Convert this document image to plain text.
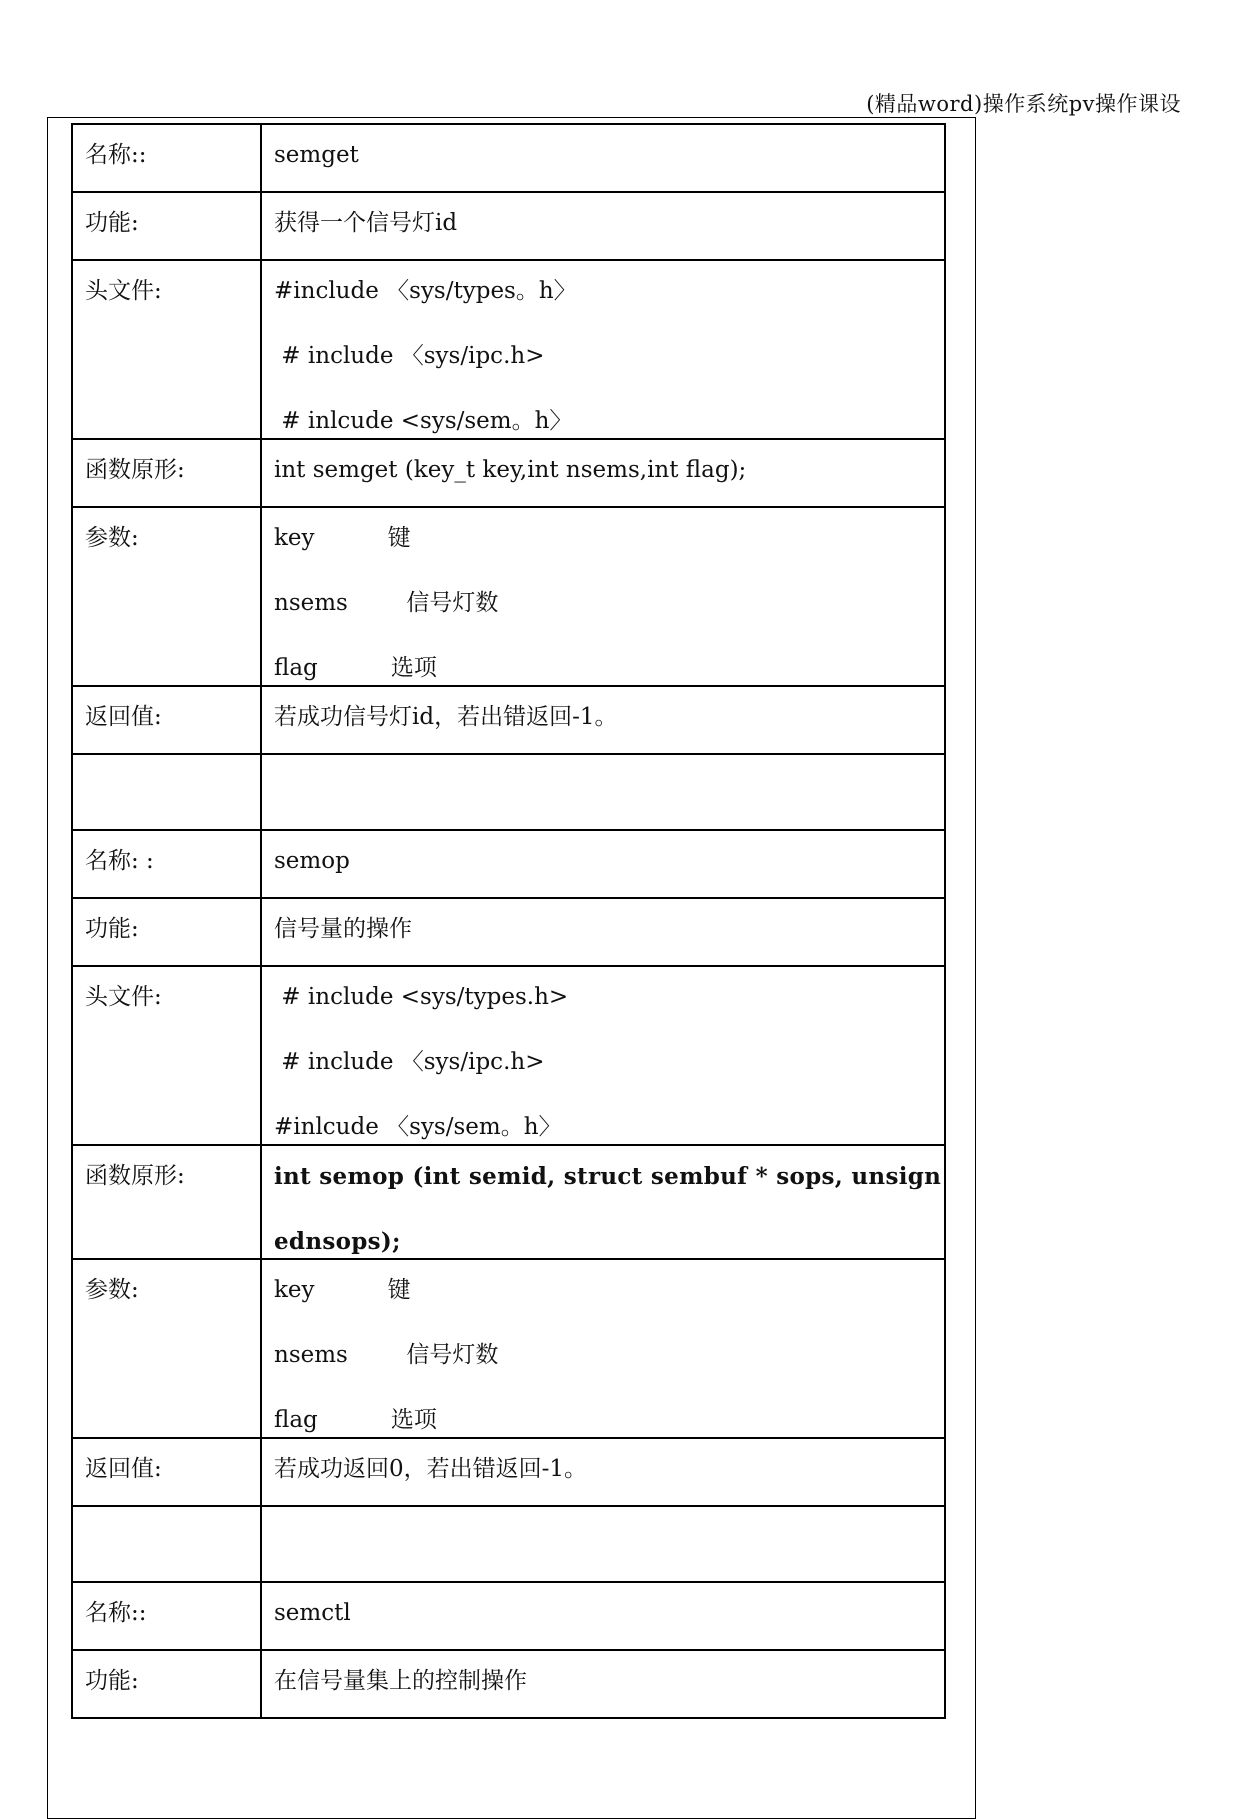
(精品word)操作系统pv操作课设
名称::	semget
功能:	获得一个信号灯id
头文件:	#include 〈sys/types。h〉
# include 〈sys/ipc.h>
# inlcude <sys/sem。h〉

函数原形:	int semget (key_t key,int nsems,int flag);

参数:	key          键
nsems        信号灯数
flag          选项

返回值:	若成功信号灯id，若出错返回-1。

名称: :	semop
功能:	信号量的操作
头文件:	# include <sys/types.h>
# include 〈sys/ipc.h>
#inlcude 〈sys/sem。h〉

函数原形:	int semop (int semid, struct sembuf * sops, unsign
ednsops);

参数:	key          键
nsems        信号灯数
flag          选项

返回值:	若成功返回0，若出错返回-1。

名称::	semctl
功能:	在信号量集上的控制操作
